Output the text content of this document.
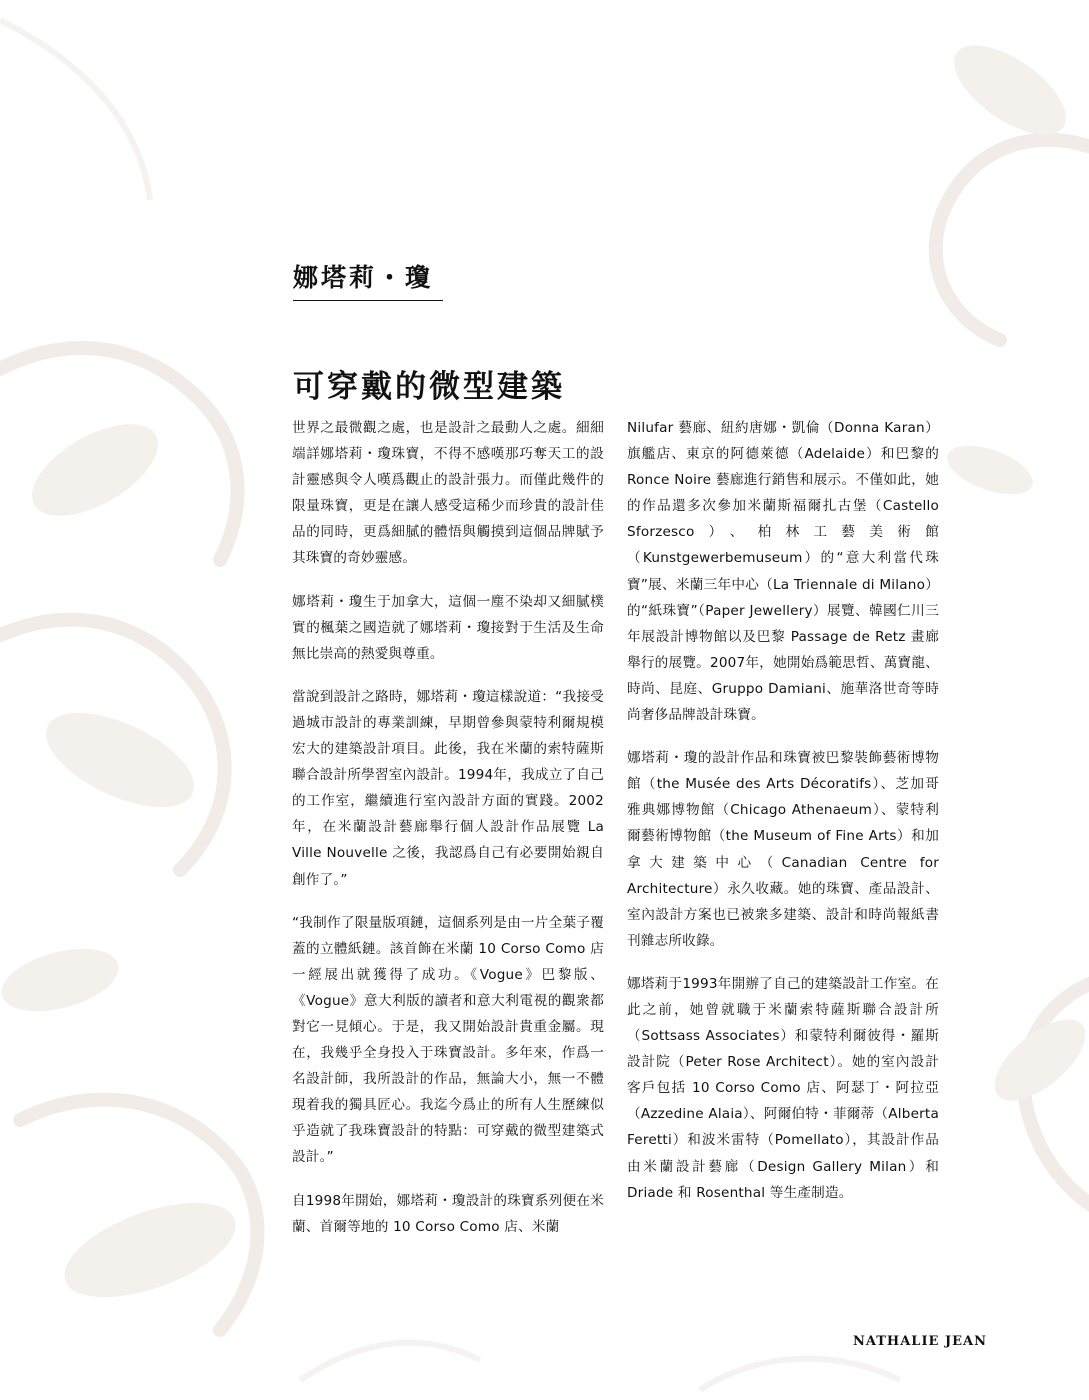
娜塔莉・瓊
可穿戴的微型建築

世界之最微觀之處，也是設計之最動人之處。細細端詳娜塔莉・瓊珠寶，不得不感嘆那巧奪天工的設計靈感與令人嘆爲觀止的設計張力。而僅此幾件的限量珠寶，更是在讓人感受這稀少而珍貴的設計佳品的同時，更爲細膩的體悟與觸摸到這個品牌賦予其珠寶的奇妙靈感。

娜塔莉・瓊生于加拿大，這個一塵不染却又細膩樸實的楓葉之國造就了娜塔莉・瓊接對于生活及生命無比崇高的熱愛與尊重。

當說到設計之路時，娜塔莉・瓊這樣說道：“我接受過城市設計的專業訓練，早期曾參與蒙特利爾規模宏大的建築設計項目。此後，我在米蘭的索特薩斯聯合設計所學習室內設計。1994年，我成立了自己的工作室，繼續進行室內設計方面的實踐。2002年，在米蘭設計藝廊舉行個人設計作品展覽 La Ville Nouvelle 之後，我認爲自己有必要開始親自創作了。”

“我制作了限量版項鏈，這個系列是由一片全葉子覆蓋的立體紙鏈。該首飾在米蘭 10 Corso Como 店一經展出就獲得了成功。《Vogue》巴黎版、《Vogue》意大利版的讀者和意大利電視的觀衆都對它一見傾心。于是，我又開始設計貴重金屬。現在，我幾乎全身投入于珠寶設計。多年來，作爲一名設計師，我所設計的作品，無論大小，無一不體現着我的獨具匠心。我迄今爲止的所有人生歷練似乎造就了我珠寶設計的特點：可穿戴的微型建築式設計。”

自1998年開始，娜塔莉・瓊設計的珠寶系列便在米蘭、首爾等地的 10 Corso Como 店、米蘭

Nilufar 藝廊、紐約唐娜・凱倫（Donna Karan）旗艦店、東京的阿德萊德（Adelaide）和巴黎的 Ronce Noire 藝廊進行銷售和展示。不僅如此，她的作品還多次參加米蘭斯福爾扎古堡（Castello Sforzesco）、柏林工藝美術館（Kunstgewerbemuseum）的“意大利當代珠寶”展、米蘭三年中心（La Triennale di Milano）的“紙珠寶”（Paper Jewellery）展覽、韓國仁川三年展設計博物館以及巴黎 Passage de Retz 畫廊舉行的展覽。2007年，她開始爲範思哲、萬寶龍、時尚、昆庭、Gruppo Damiani、施華洛世奇等時尚奢侈品牌設計珠寶。

娜塔莉・瓊的設計作品和珠寶被巴黎裝飾藝術博物館（the Musée des Arts Décoratifs）、芝加哥雅典娜博物館（Chicago Athenaeum）、蒙特利爾藝術博物館（the Museum of Fine Arts）和加拿大建築中心（Canadian Centre for Architecture）永久收藏。她的珠寶、產品設計、室內設計方案也已被衆多建築、設計和時尚報紙書刊雜志所收錄。

娜塔莉于1993年開辦了自己的建築設計工作室。在此之前，她曾就職于米蘭索特薩斯聯合設計所（Sottsass Associates）和蒙特利爾彼得・羅斯設計院（Peter Rose Architect）。她的室內設計客戶包括 10 Corso Como 店、阿瑟丁・阿拉亞（Azzedine Alaia）、阿爾伯特・菲爾蒂（Alberta Feretti）和波米雷特（Pomellato），其設計作品由米蘭設計藝廊（Design Gallery Milan）和 Driade 和 Rosenthal 等生產制造。

NATHALIE JEAN
